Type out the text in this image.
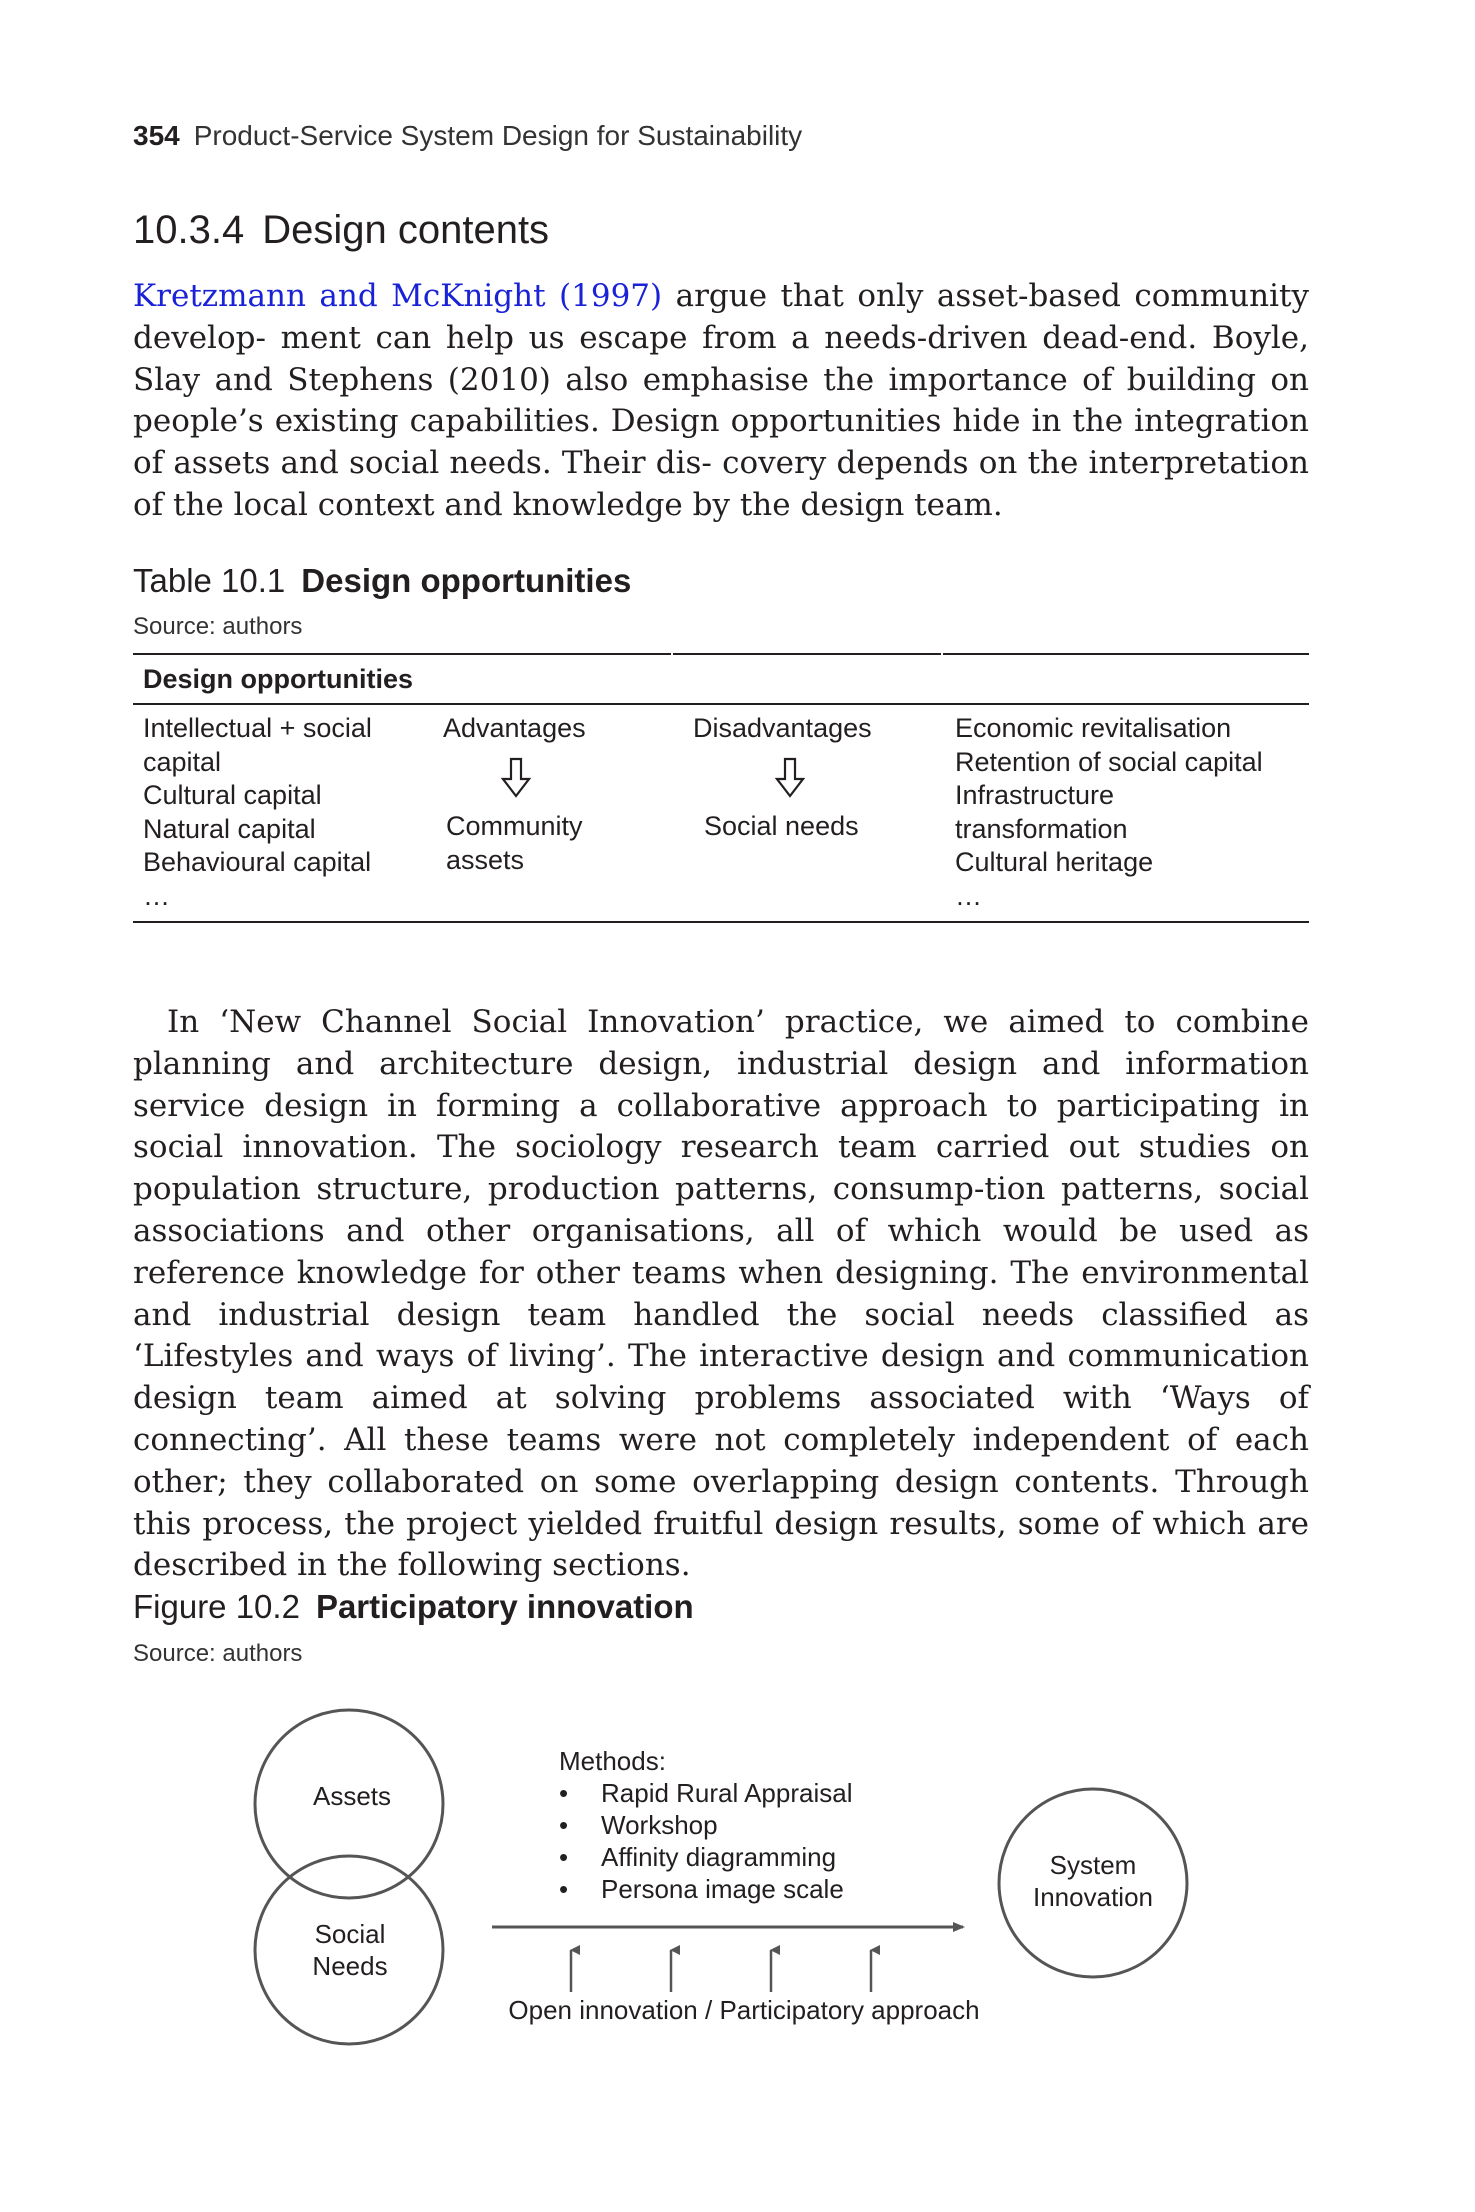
354 Product-Service System Design for Sustainability
10.3.4 Design contents

Kretzmann and McKnight (1997) argue that only asset-based community develop- ment can help us escape from a needs-driven dead-end. Boyle, Slay and Stephens (2010) also emphasise the importance of building on people’s existing capabilities. Design opportunities hide in the integration of assets and social needs. Their dis- covery depends on the interpretation of the local context and knowledge by the design team.

Table 10.1 Design opportunities
Source: authors
Design opportunities
Intellectual + social
capital
Cultural capital
Natural capital
Behavioural capital
…
Advantages
Community
assets
Disadvantages
Social needs
Economic revitalisation
Retention of social capital
Infrastructure
transformation
Cultural heritage
…

In ‘New Channel Social Innovation’ practice, we aimed to combine planning and architecture design, industrial design and information service design in forming a collaborative approach to participating in social innovation. The sociology research team carried out studies on population structure, production patterns, consump-tion patterns, social associations and other organisations, all of which would be used as reference knowledge for other teams when designing. The environmental and industrial design team handled the social needs classified as ‘Lifestyles and ways of living’. The interactive design and communication design team aimed at solving problems associated with ‘Ways of connecting’. All these teams were not completely independent of each other; they collaborated on some overlapping design contents. Through this process, the project yielded fruitful design results, some of which are described in the following sections.

Figure 10.2 Participatory innovation
Source: authors
Assets
Social
Needs
System
Innovation
Methods:
•
•
•
•
Rapid Rural Appraisal
Workshop
Affinity diagramming
Persona image scale
Open innovation / Participatory approach
